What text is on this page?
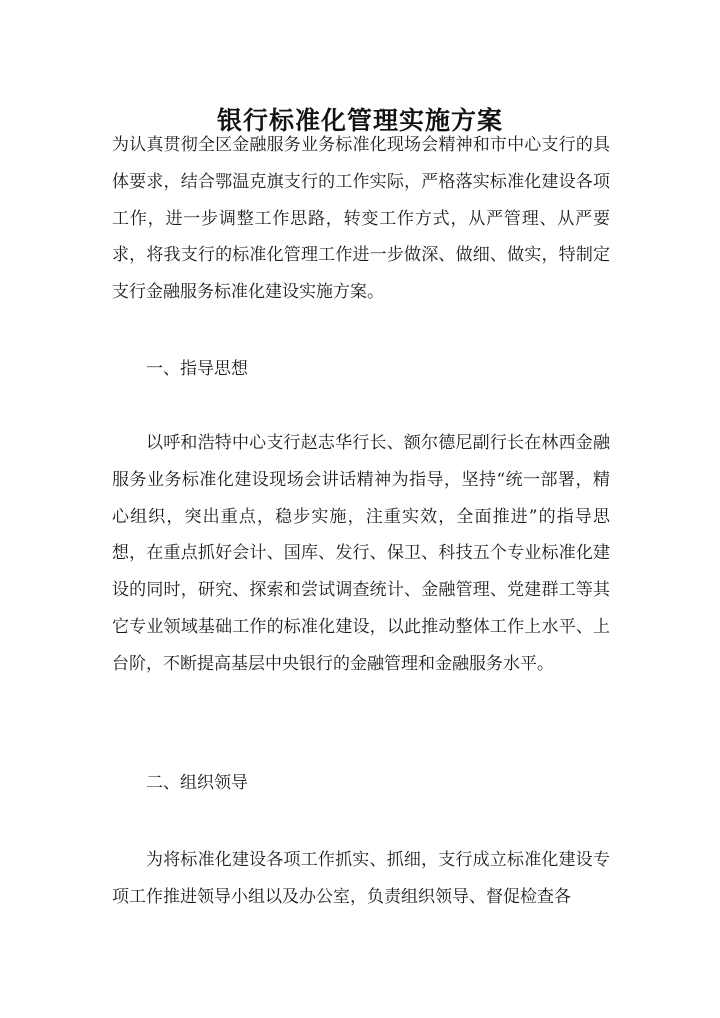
银行标准化管理实施方案

为认真贯彻全区金融服务业务标准化现场会精神和市中心支行的具体要求，结合鄂温克旗支行的工作实际，严格落实标准化建设各项工作，进一步调整工作思路，转变工作方式，从严管理、从严要求，将我支行的标准化管理工作进一步做深、做细、做实，特制定支行金融服务标准化建设实施方案。

一、指导思想

以呼和浩特中心支行赵志华行长、额尔德尼副行长在林西金融服务业务标准化建设现场会讲话精神为指导，坚持“统一部署，精心组织，突出重点，稳步实施，注重实效，全面推进”的指导思想，在重点抓好会计、国库、发行、保卫、科技五个专业标准化建设的同时，研究、探索和尝试调查统计、金融管理、党建群工等其它专业领域基础工作的标准化建设，以此推动整体工作上水平、上台阶，不断提高基层中央银行的金融管理和金融服务水平。

二、组织领导

为将标准化建设各项工作抓实、抓细，支行成立标准化建设专项工作推进领导小组以及办公室，负责组织领导、督促检查各
